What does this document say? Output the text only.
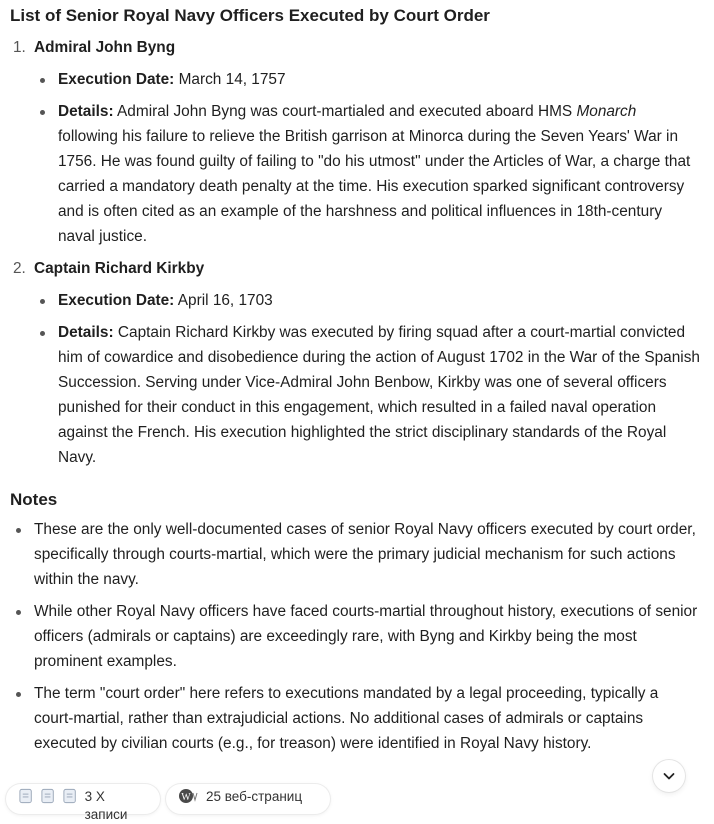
List of Senior Royal Navy Officers Executed by Court Order
1. Admiral John Byng
Execution Date: March 14, 1757
Details: Admiral John Byng was court-martialed and executed aboard HMS Monarch following his failure to relieve the British garrison at Minorca during the Seven Years' War in 1756. He was found guilty of failing to "do his utmost" under the Articles of War, a charge that carried a mandatory death penalty at the time. His execution sparked significant controversy and is often cited as an example of the harshness and political influences in 18th-century naval justice.
2. Captain Richard Kirkby
Execution Date: April 16, 1703
Details: Captain Richard Kirkby was executed by firing squad after a court-martial convicted him of cowardice and disobedience during the action of August 1702 in the War of the Spanish Succession. Serving under Vice-Admiral John Benbow, Kirkby was one of several officers punished for their conduct in this engagement, which resulted in a failed naval operation against the French. His execution highlighted the strict disciplinary standards of the Royal Navy.
Notes
These are the only well-documented cases of senior Royal Navy officers executed by court order, specifically through courts-martial, which were the primary judicial mechanism for such actions within the navy.
While other Royal Navy officers have faced courts-martial throughout history, executions of senior officers (admirals or captains) are exceedingly rare, with Byng and Kirkby being the most prominent examples.
The term "court order" here refers to executions mandated by a legal proceeding, typically a court-martial, rather than extrajudicial actions. No additional cases of admirals or captains executed by civilian courts (e.g., for treason) were identified in Royal Navy history.
3 Х записи
W 25 веб-страниц
